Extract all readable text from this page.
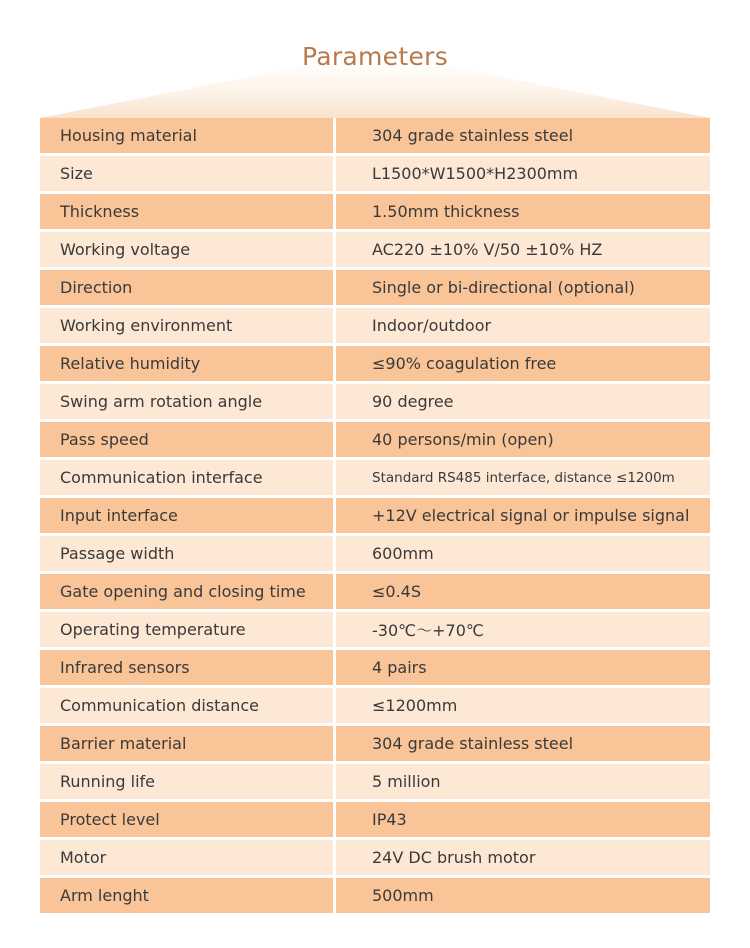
Parameters
Housing material	304 grade stainless steel
Size	L1500*W1500*H2300mm
Thickness	1.50mm thickness
Working voltage	AC220 ±10% V/50 ±10% HZ
Direction	Single or bi-directional (optional)
Working environment	Indoor/outdoor
Relative humidity	≤90% coagulation free
Swing arm rotation angle	90 degree
Pass speed	40 persons/min (open)
Communication interface	Standard RS485 interface, distance ≤1200m
Input interface	+12V electrical signal or impulse signal
Passage width	600mm
Gate opening and closing time	≤0.4S
Operating temperature	-30℃～+70℃
Infrared sensors	4 pairs
Communication distance	≤1200mm
Barrier material	304 grade stainless steel
Running life	5 million
Protect level	IP43
Motor	24V DC brush motor
Arm lenght	500mm
